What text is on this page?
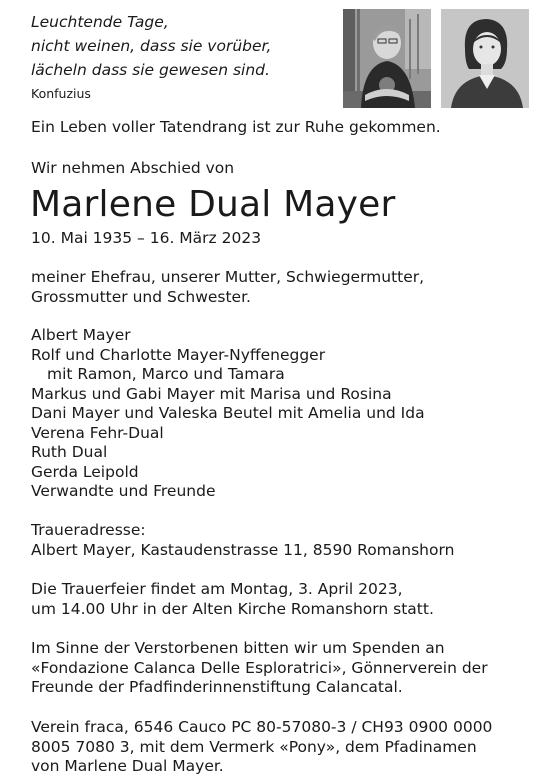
Leuchtende Tage,
nicht weinen, dass sie vorüber,
lächeln dass sie gewesen sind.
Konfuzius
Ein Leben voller Tatendrang ist zur Ruhe gekommen.
Wir nehmen Abschied von
Marlene Dual Mayer
10. Mai 1935 – 16. März 2023
meiner Ehefrau, unserer Mutter, Schwiegermutter,
Grossmutter und Schwester.
Albert Mayer
Rolf und Charlotte Mayer-Nyffenegger
mit Ramon, Marco und Tamara
Markus und Gabi Mayer mit Marisa und Rosina
Dani Mayer und Valeska Beutel mit Amelia und Ida
Verena Fehr-Dual
Ruth Dual
Gerda Leipold
Verwandte und Freunde
Traueradresse:
Albert Mayer, Kastaudenstrasse 11, 8590 Romanshorn
Die Trauerfeier findet am Montag, 3. April 2023,
um 14.00 Uhr in der Alten Kirche Romanshorn statt.
Im Sinne der Verstorbenen bitten wir um Spenden an
«Fondazione Calanca Delle Esploratrici», Gönnerverein der
Freunde der Pfadfinderinnenstiftung Calancatal.
Verein fraca, 6546 Cauco PC 80-57080-3 / CH93 0900 0000
8005 7080 3, mit dem Vermerk «Pony», dem Pfadinamen
von Marlene Dual Mayer.
